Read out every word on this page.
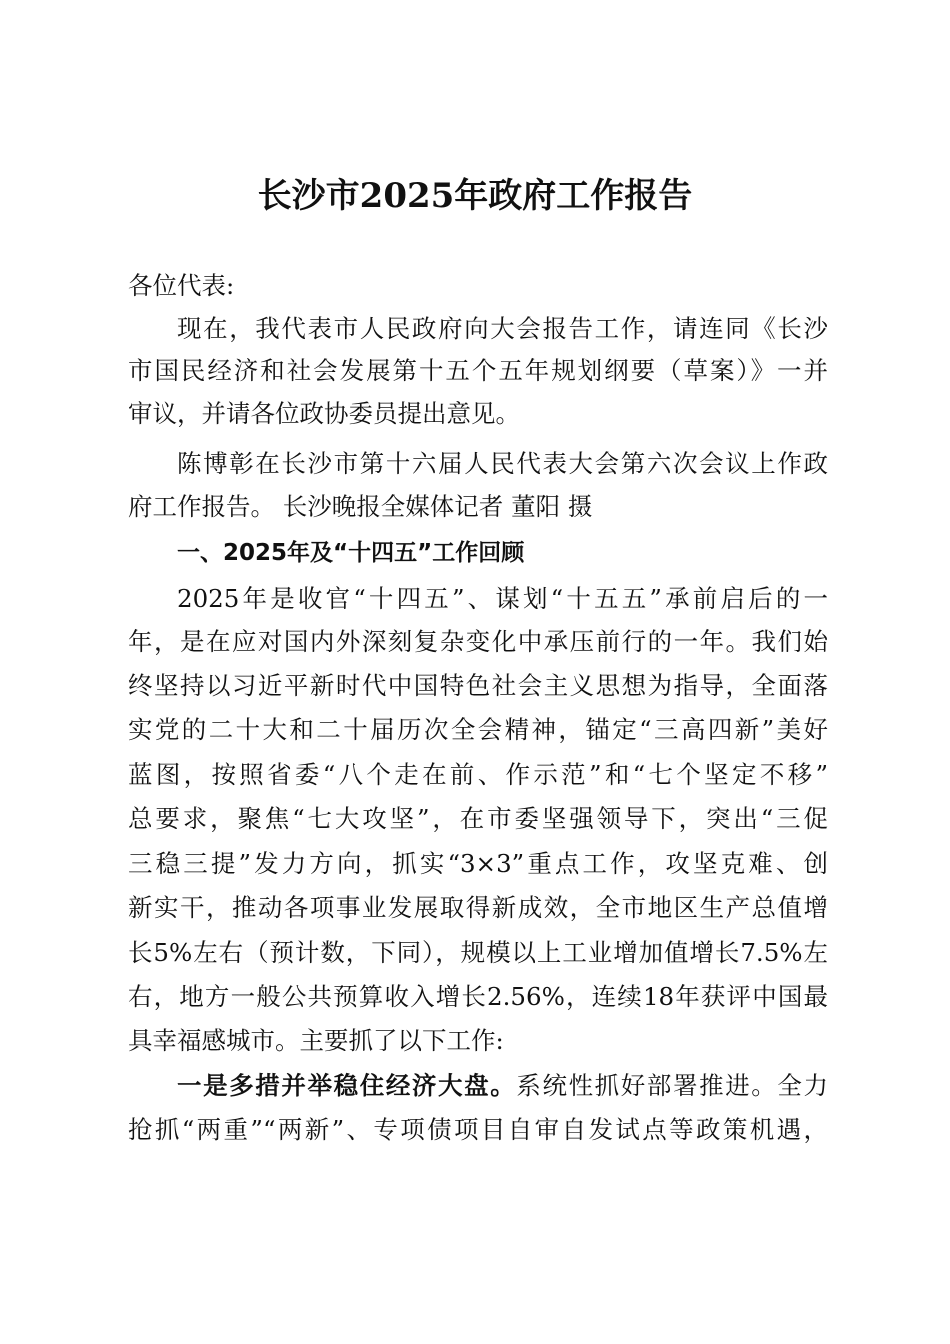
长沙市2025年政府工作报告
各位代表:
现在，我代表市人民政府向大会报告工作，请连同《长沙
市国民经济和社会发展第十五个五年规划纲要（草案）》一并
审议，并请各位政协委员提出意见。
陈博彰在长沙市第十六届人民代表大会第六次会议上作政
府工作报告。 长沙晚报全媒体记者 董阳 摄
一、2025年及“十四五”工作回顾
2025年是收官“十四五”、谋划“十五五”承前启后的一
年，是在应对国内外深刻复杂变化中承压前行的一年。我们始
终坚持以习近平新时代中国特色社会主义思想为指导，全面落
实党的二十大和二十届历次全会精神，锚定“三高四新”美好
蓝图，按照省委“八个走在前、作示范”和“七个坚定不移”
总要求，聚焦“七大攻坚”，在市委坚强领导下，突出“三促
三稳三提”发力方向，抓实“3×3”重点工作，攻坚克难、创
新实干，推动各项事业发展取得新成效，全市地区生产总值增
长5%左右（预计数，下同），规模以上工业增加值增长7.5%左
右，地方一般公共预算收入增长2.56%，连续18年获评中国最
具幸福感城市。主要抓了以下工作:
一是多措并举稳住经济大盘。系统性抓好部署推进。全力
抢抓“两重”“两新”、专项债项目自审自发试点等政策机遇，
